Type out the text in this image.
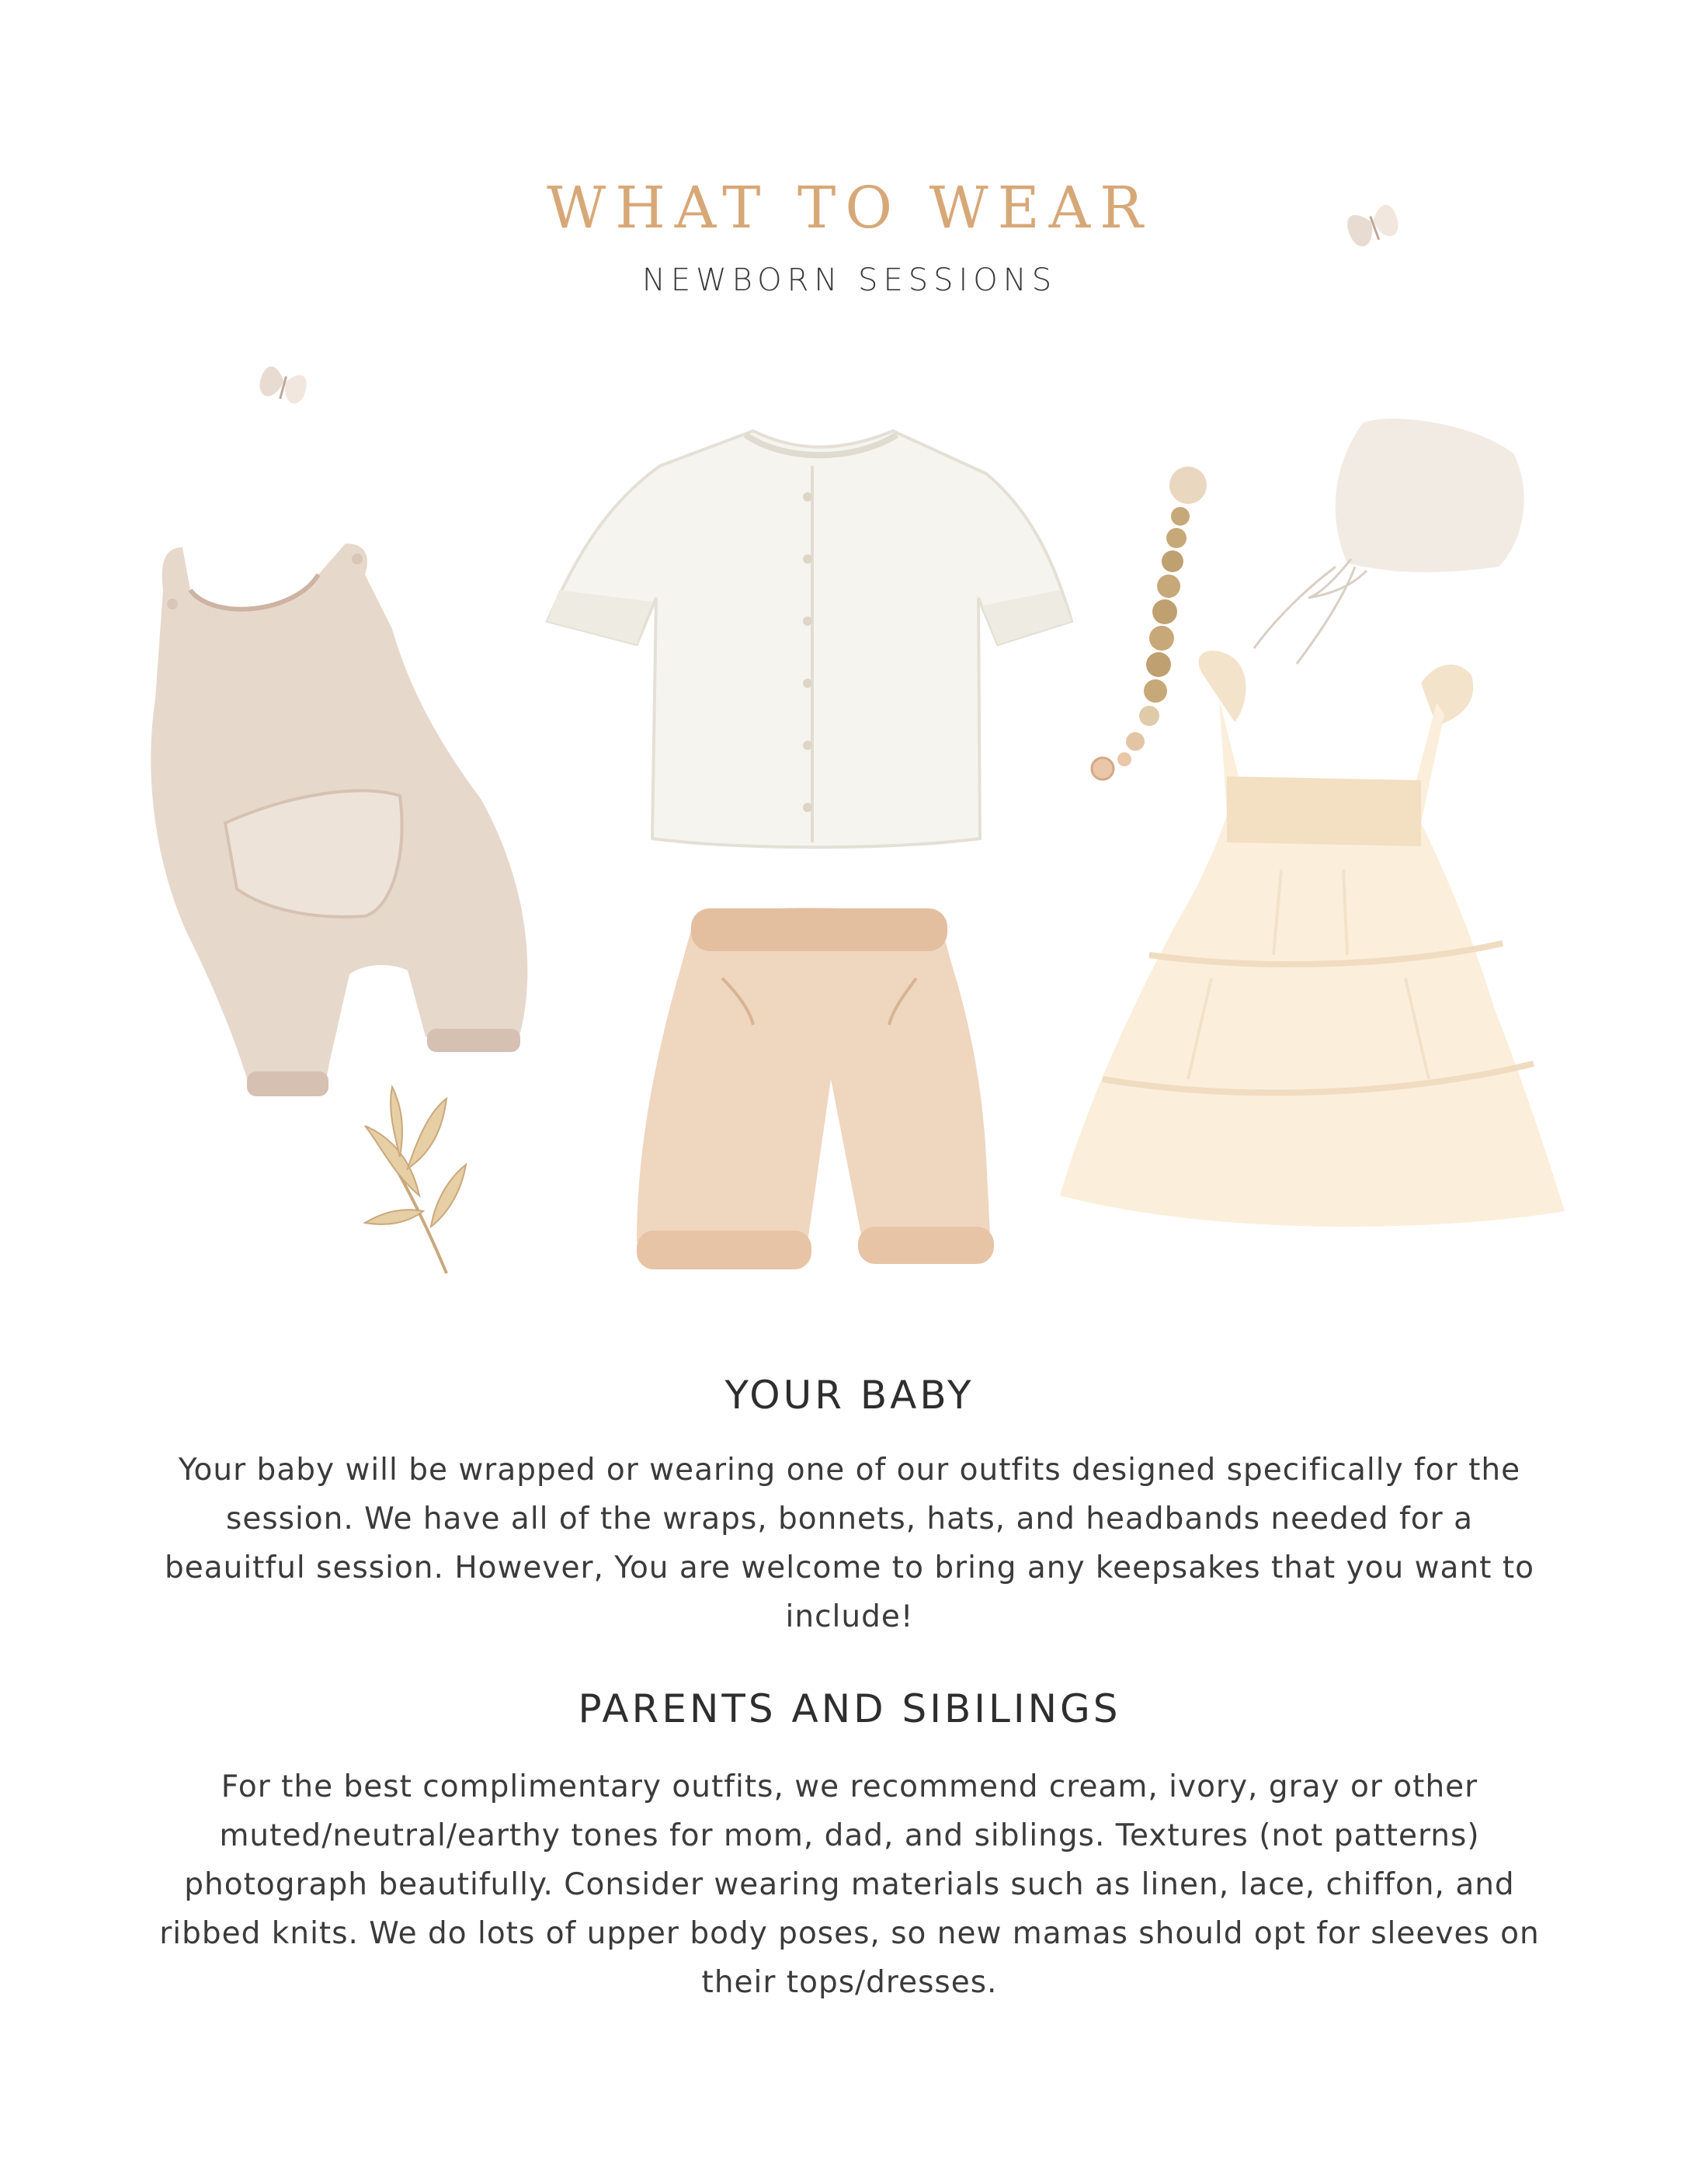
WHAT TO WEAR
NEWBORN SESSIONS
YOUR BABY

Your baby will be wrapped or wearing one of our outfits designed specifically for the session. We have all of the wraps, bonnets, hats, and headbands needed for a beauitful session. However, You are welcome to bring any keepsakes that you want to include!

PARENTS AND SIBILINGS

For the best complimentary outfits, we recommend cream, ivory, gray or other muted/neutral/earthy tones for mom, dad, and siblings. Textures (not patterns) photograph beautifully. Consider wearing materials such as linen, lace, chiffon, and ribbed knits. We do lots of upper body poses, so new mamas should opt for sleeves on their tops/dresses.
